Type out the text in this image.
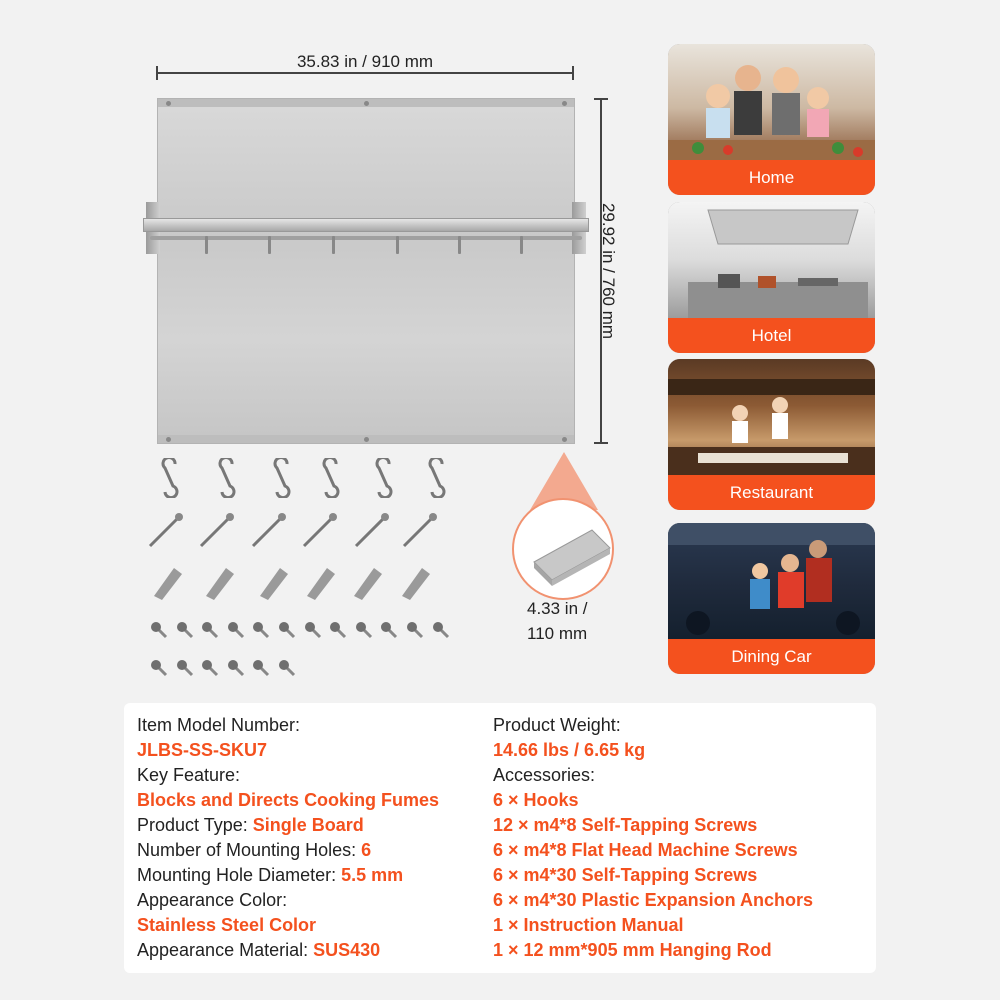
35.83 in / 910 mm
29.92 in / 760 mm
4.33 in /
110 mm
Home
Hotel
Restaurant
Dining Car
Item Model Number:
JLBS-SS-SKU7
Key Feature:
Blocks and Directs Cooking Fumes
Product Type: Single Board
Number of Mounting Holes: 6
Mounting Hole Diameter: 5.5 mm
Appearance Color:
Stainless Steel Color
Appearance Material: SUS430
Product Weight:
14.66 lbs / 6.65 kg
Accessories:
6 × Hooks
12 × m4*8 Self-Tapping Screws
6 × m4*8 Flat Head Machine Screws
6 × m4*30 Self-Tapping Screws
6 × m4*30 Plastic Expansion Anchors
1 × Instruction Manual
1 × 12 mm*905 mm Hanging Rod
